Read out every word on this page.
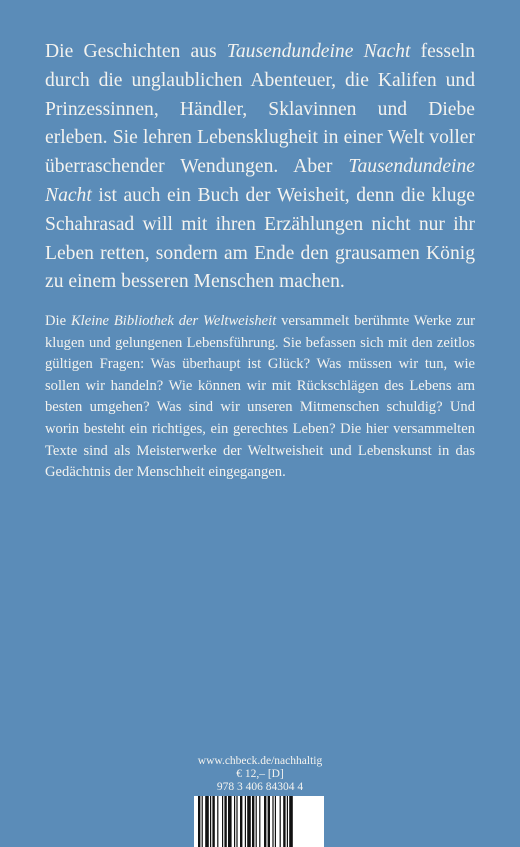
Die Geschichten aus Tausendundeine Nacht fesseln durch die unglaublichen Abenteuer, die Kalifen und Prinzessinnen, Händler, Sklavinnen und Diebe erleben. Sie lehren Lebensklugheit in einer Welt voller überraschender Wendungen. Aber Tausendundeine Nacht ist auch ein Buch der Weisheit, denn die kluge Schahrasad will mit ihren Erzählungen nicht nur ihr Leben retten, sondern am Ende den grausamen König zu einem besseren Menschen machen.

Die Kleine Bibliothek der Weltweisheit versammelt berühmte Werke zur klugen und gelungenen Lebensführung. Sie befassen sich mit den zeitlos gültigen Fragen: Was überhaupt ist Glück? Was müssen wir tun, wie sollen wir handeln? Wie können wir mit Rückschlägen des Lebens am besten umgehen? Was sind wir unseren Mitmenschen schuldig? Und worin besteht ein richtiges, ein gerechtes Leben? Die hier versammelten Texte sind als Meisterwerke der Weltweisheit und Lebenskunst in das Gedächtnis der Menschheit eingegangen.

www.chbeck.de/nachhaltig
€ 12,– [D]
978 3 406 84304 4
